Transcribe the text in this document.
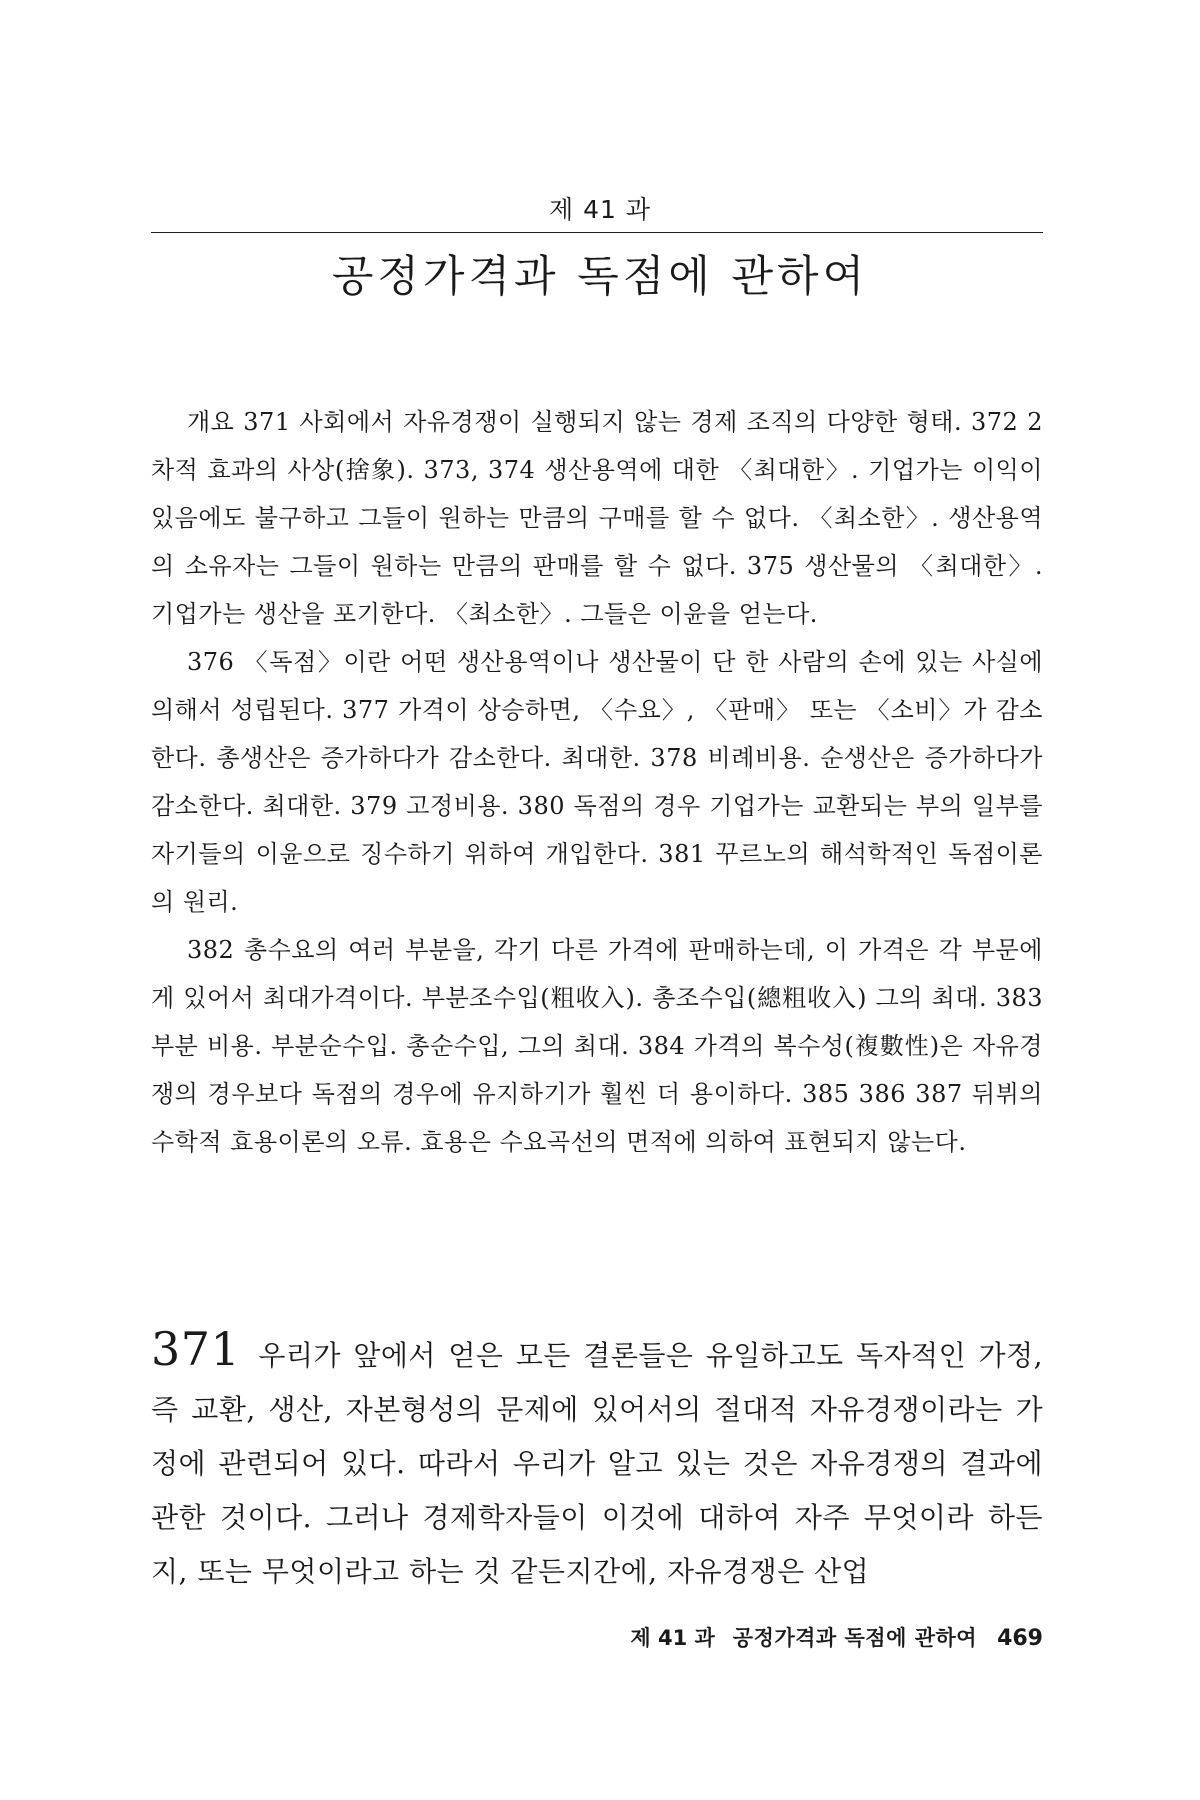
제 41 과
공정가격과 독점에 관하여

개요 371 사회에서 자유경쟁이 실행되지 않는 경제 조직의 다양한 형태. 372 2차적 효과의 사상(捨象). 373, 374 생산용역에 대한 〈최대한〉. 기업가는 이익이 있음에도 불구하고 그들이 원하는 만큼의 구매를 할 수 없다. 〈최소한〉. 생산용역의 소유자는 그들이 원하는 만큼의 판매를 할 수 없다. 375 생산물의 〈최대한〉. 기업가는 생산을 포기한다. 〈최소한〉. 그들은 이윤을 얻는다.

376 〈독점〉이란 어떤 생산용역이나 생산물이 단 한 사람의 손에 있는 사실에 의해서 성립된다. 377 가격이 상승하면, 〈수요〉, 〈판매〉 또는 〈소비〉가 감소한다. 총생산은 증가하다가 감소한다. 최대한. 378 비례비용. 순생산은 증가하다가 감소한다. 최대한. 379 고정비용. 380 독점의 경우 기업가는 교환되는 부의 일부를 자기들의 이윤으로 징수하기 위하여 개입한다. 381 꾸르노의 해석학적인 독점이론의 원리.

382 총수요의 여러 부분을, 각기 다른 가격에 판매하는데, 이 가격은 각 부문에게 있어서 최대가격이다. 부분조수입(粗收入). 총조수입(總粗收入) 그의 최대. 383 부분 비용. 부분순수입. 총순수입, 그의 최대. 384 가격의 복수성(複數性)은 자유경쟁의 경우보다 독점의 경우에 유지하기가 훨씬 더 용이하다. 385 386 387 뒤뷔의 수학적 효용이론의 오류. 효용은 수요곡선의 면적에 의하여 표현되지 않는다.

371 우리가 앞에서 얻은 모든 결론들은 유일하고도 독자적인 가정, 즉 교환, 생산, 자본형성의 문제에 있어서의 절대적 자유경쟁이라는 가정에 관련되어 있다. 따라서 우리가 알고 있는 것은 자유경쟁의 결과에 관한 것이다. 그러나 경제학자들이 이것에 대하여 자주 무엇이라 하든지, 또는 무엇이라고 하는 것 같든지간에, 자유경쟁은 산업

제 41 과 공정가격과 독점에 관하여 469
